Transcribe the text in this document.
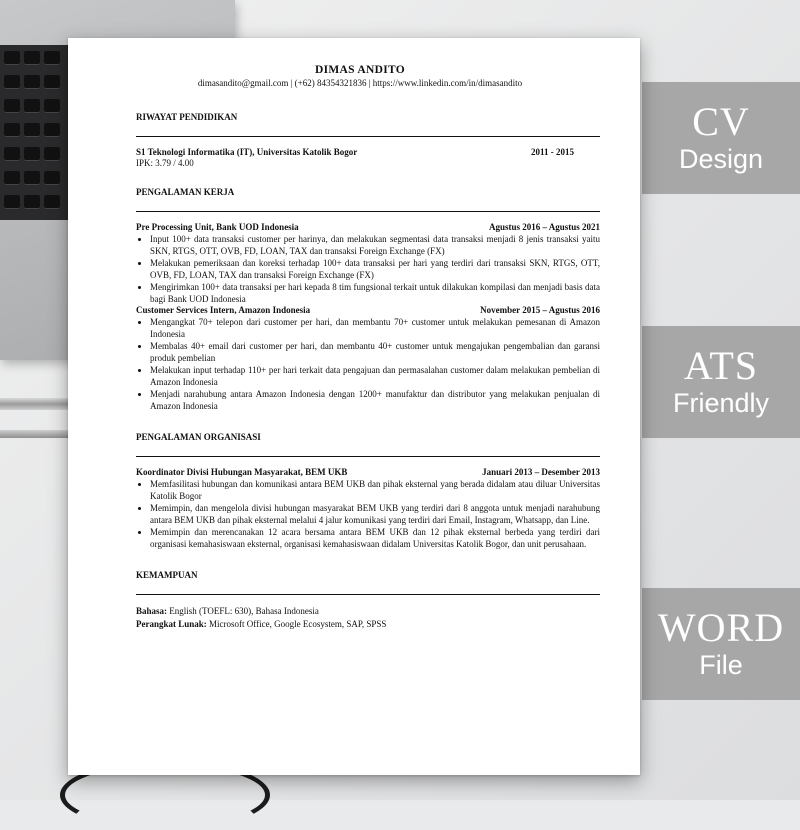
CV
Design
ATS
Friendly
WORD
File
DIMAS ANDITO
dimasandito@gmail.com | (+62) 84354321836 | https://www.linkedin.com/in/dimasandito
RIWAYAT PENDIDIKAN
S1 Teknologi Informatika (IT), Universitas Katolik Bogor	2011 - 2015
IPK: 3.79 / 4.00
PENGALAMAN KERJA
Pre Processing Unit, Bank UOD Indonesia	Agustus 2016 – Agustus 2021
• Input 100+ data transaksi customer per harinya, dan melakukan segmentasi data transaksi menjadi 8 jenis transaksi yaitu SKN, RTGS, OTT, OVB, FD, LOAN, TAX dan transaksi Foreign Exchange (FX)
• Melakukan pemeriksaan dan koreksi terhadap 100+ data transaksi per hari yang terdiri dari transaksi SKN, RTGS, OTT, OVB, FD, LOAN, TAX dan transaksi Foreign Exchange (FX)
• Mengirimkan 100+ data transaksi per hari kepada 8 tim fungsional terkait untuk dilakukan kompilasi dan menjadi basis data bagi Bank UOD Indonesia
Customer Services Intern, Amazon Indonesia	November 2015 – Agustus 2016
• Mengangkat 70+ telepon dari customer per hari, dan membantu 70+ customer untuk melakukan pemesanan di Amazon Indonesia
• Membalas 40+ email dari customer per hari, dan membantu 40+ customer untuk mengajukan pengembalian dan garansi produk pembelian
• Melakukan input terhadap 110+ per hari terkait data pengajuan dan permasalahan customer dalam melakukan pembelian di Amazon Indonesia
• Menjadi narahubung antara Amazon Indonesia dengan 1200+ manufaktur dan distributor yang melakukan penjualan di Amazon Indonesia
PENGALAMAN ORGANISASI
Koordinator Divisi Hubungan Masyarakat, BEM UKB	Januari 2013 – Desember 2013
• Memfasilitasi hubungan dan komunikasi antara BEM UKB dan pihak eksternal yang berada didalam atau diluar Universitas Katolik Bogor
• Memimpin, dan mengelola divisi hubungan masyarakat BEM UKB yang terdiri dari 8 anggota untuk menjadi narahubung antara BEM UKB dan pihak eksternal melalui 4 jalur komunikasi yang terdiri dari Email, Instagram, Whatsapp, dan Line.
• Memimpin dan merencanakan 12 acara bersama antara BEM UKB dan 12 pihak eksternal berbeda yang terdiri dari organisasi kemahasiswaan eksternal, organisasi kemahasiswaan didalam Universitas Katolik Bogor, dan unit perusahaan.
KEMAMPUAN
Bahasa: English (TOEFL: 630), Bahasa Indonesia
Perangkat Lunak: Microsoft Office, Google Ecosystem, SAP, SPSS
